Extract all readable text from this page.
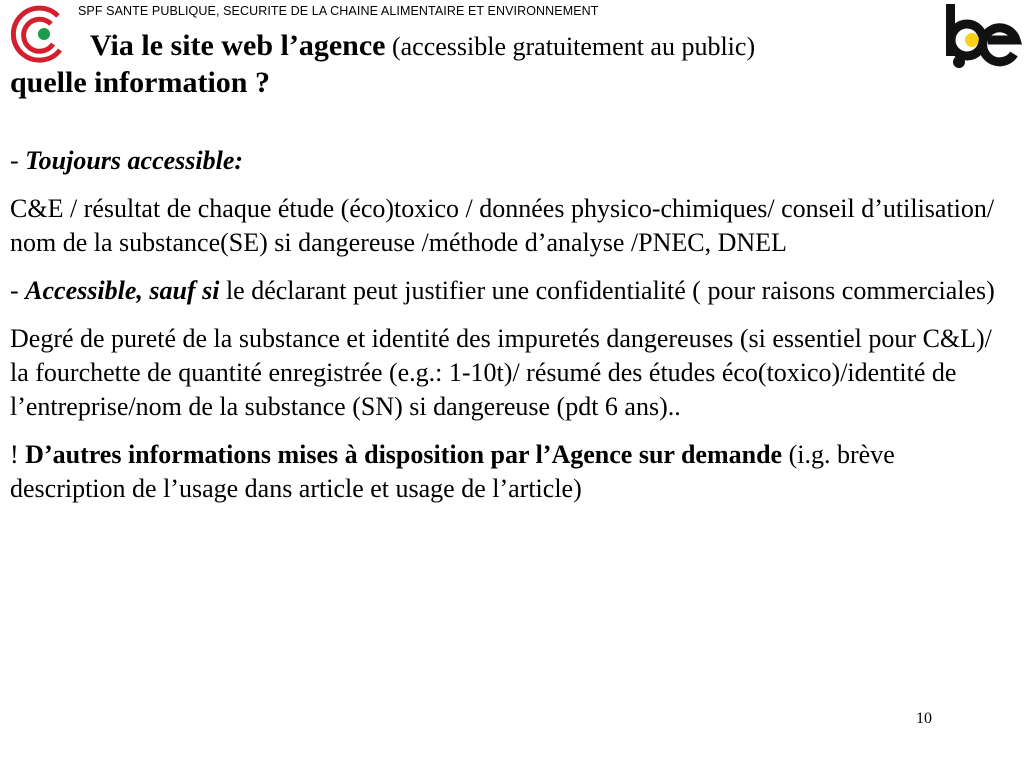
SPF SANTE PUBLIQUE, SECURITE DE LA CHAINE ALIMENTAIRE ET ENVIRONNEMENT
Via le site web l’agence (accessible gratuitement au public)
quelle information ?

- Toujours accessible:

C&E / résultat de chaque étude (éco)toxico / données physico-chimiques/ conseil d’utilisation/ nom de la substance(SE) si dangereuse /méthode d’analyse /PNEC, DNEL

- Accessible, sauf si le déclarant peut justifier une confidentialité ( pour raisons commerciales)

Degré de pureté de la substance et identité des impuretés dangereuses (si essentiel pour C&L)/ la fourchette de quantité enregistrée (e.g.: 1-10t)/ résumé des études éco(toxico)/identité de l’entreprise/nom de la substance (SN) si dangereuse (pdt 6 ans)..

! D’autres informations mises à disposition par l’Agence sur demande (i.g. brève description de l’usage dans article et usage de l’article)

10
